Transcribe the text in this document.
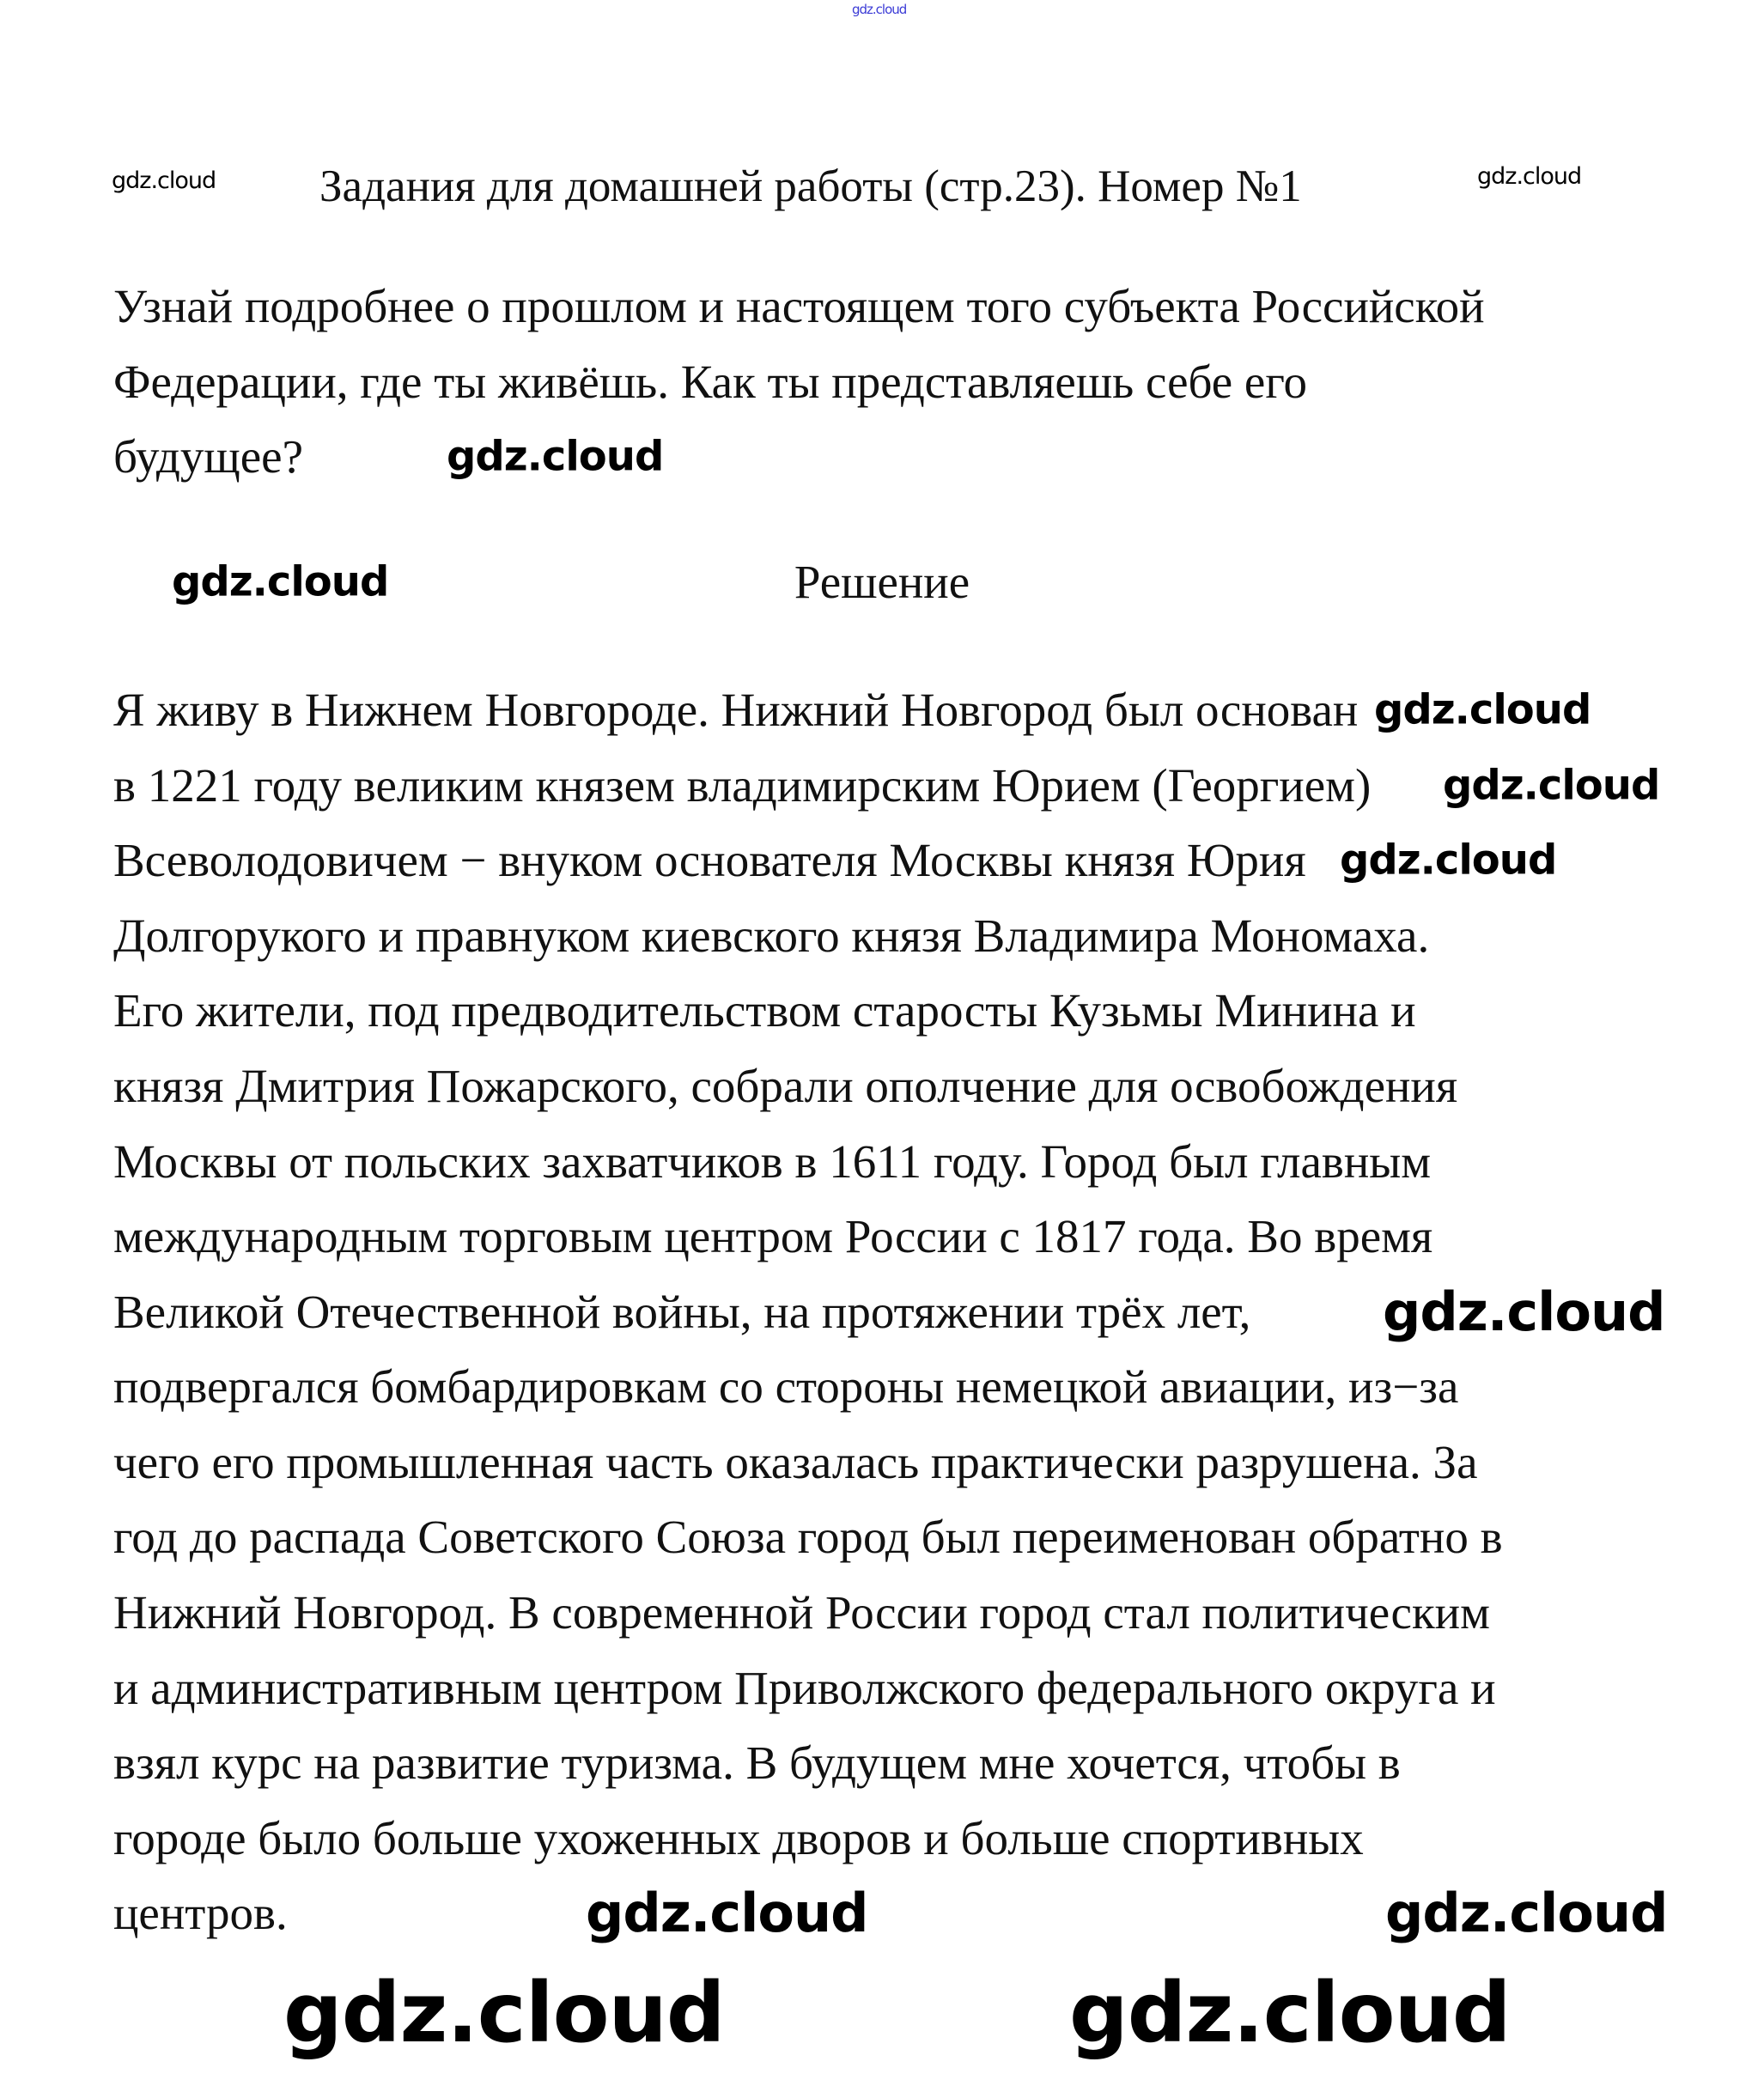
gdz.cloud
gdz.cloud Задания для домашней работы (стр.23). Номер №1	gdz.cloud
Узнай подробнее о прошлом и настоящем того субъекта Российской
Федерации, где ты живёшь. Как ты представляешь себе его
будущее?
Решение
Я живу в Нижнем Новгороде. Нижний Новгород был основан
в 1221 году великим князем владимирским Юрием (Георгием)
Всеволодовичем − внуком основателя Москвы князя Юрия
Долгорукого и правнуком киевского князя Владимира Мономаха.
Его жители, под предводительством старосты Кузьмы Минина и
князя Дмитрия Пожарского, собрали ополчение для освобождения
Москвы от польских захватчиков в 1611 году. Город был главным
международным торговым центром России с 1817 года. Во время
Великой Отечественной войны, на протяжении трёх лет,
подвергался бомбардировкам со стороны немецкой авиации, из−за
чего его промышленная часть оказалась практически разрушена. За
год до распада Советского Союза город был переименован обратно в
Нижний Новгород. В современной России город стал политическим
и административным центром Приволжского федерального округа и
взял курс на развитие туризма. В будущем мне хочется, чтобы в
городе было больше ухоженных дворов и больше спортивных
центров.
gdz.cloud
gdz.cloud
gdz.cloud
gdz.cloud
gdz.cloud
gdz.cloud
gdz.cloud	gdz.cloud
gdz.cloud	gdz.cloud
